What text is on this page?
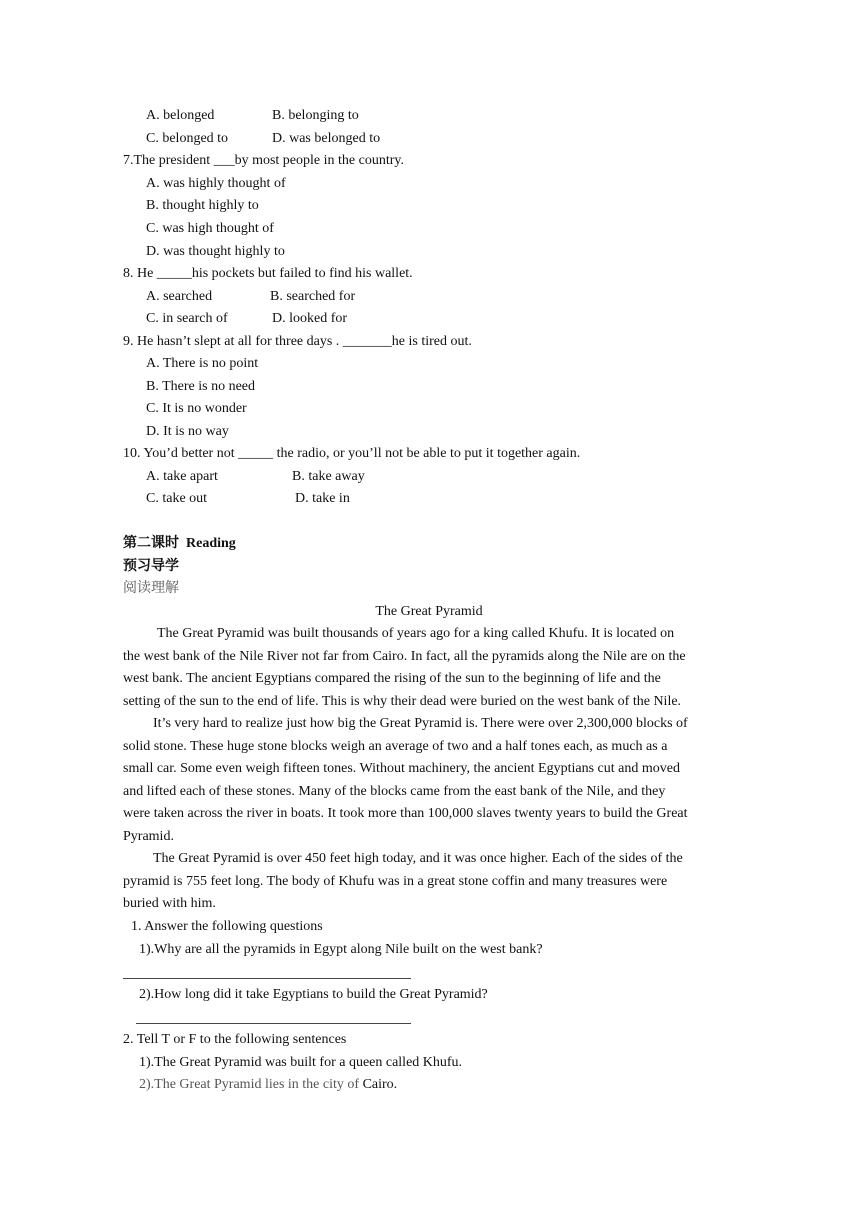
A. belonged	B. belonging to
C. belonged to	D. was belonged to
7.The president ___by most people in the country.
A. was highly thought of
B. thought highly to
C. was high thought of
D. was thought highly to
8. He _____his pockets but failed to find his wallet.
A. searched	B. searched for
C. in search of	D. looked for
9. He hasn’t slept at all for three days . _______he is tired out.
A. There is no point
B. There is no need
C. It is no wonder
D. It is no way
10. You’d better not _____ the radio, or you’ll not be able to put it together again.
A. take apart	B. take away
C. take out	D. take in
第二课时 Reading
预习导学
阅读理解
The Great Pyramid
The Great Pyramid was built thousands of years ago for a king called Khufu. It is located on
the west bank of the Nile River not far from Cairo. In fact, all the pyramids along the Nile are on the
west bank. The ancient Egyptians compared the rising of the sun to the beginning of life and the
setting of the sun to the end of life. This is why their dead were buried on the west bank of the Nile.
It’s very hard to realize just how big the Great Pyramid is. There were over 2,300,000 blocks of
solid stone. These huge stone blocks weigh an average of two and a half tones each, as much as a
small car. Some even weigh fifteen tones. Without machinery, the ancient Egyptians cut and moved
and lifted each of these stones. Many of the blocks came from the east bank of the Nile, and they
were taken across the river in boats. It took more than 100,000 slaves twenty years to build the Great
Pyramid.
The Great Pyramid is over 450 feet high today, and it was once higher. Each of the sides of the
pyramid is 755 feet long. The body of Khufu was in a great stone coffin and many treasures were
buried with him.
1. Answer the following questions
1).Why are all the pyramids in Egypt along Nile built on the west bank?
2).How long did it take Egyptians to build the Great Pyramid?
2. Tell T or F to the following sentences
1).The Great Pyramid was built for a queen called Khufu.
2).The Great Pyramid lies in the city of Cairo.
